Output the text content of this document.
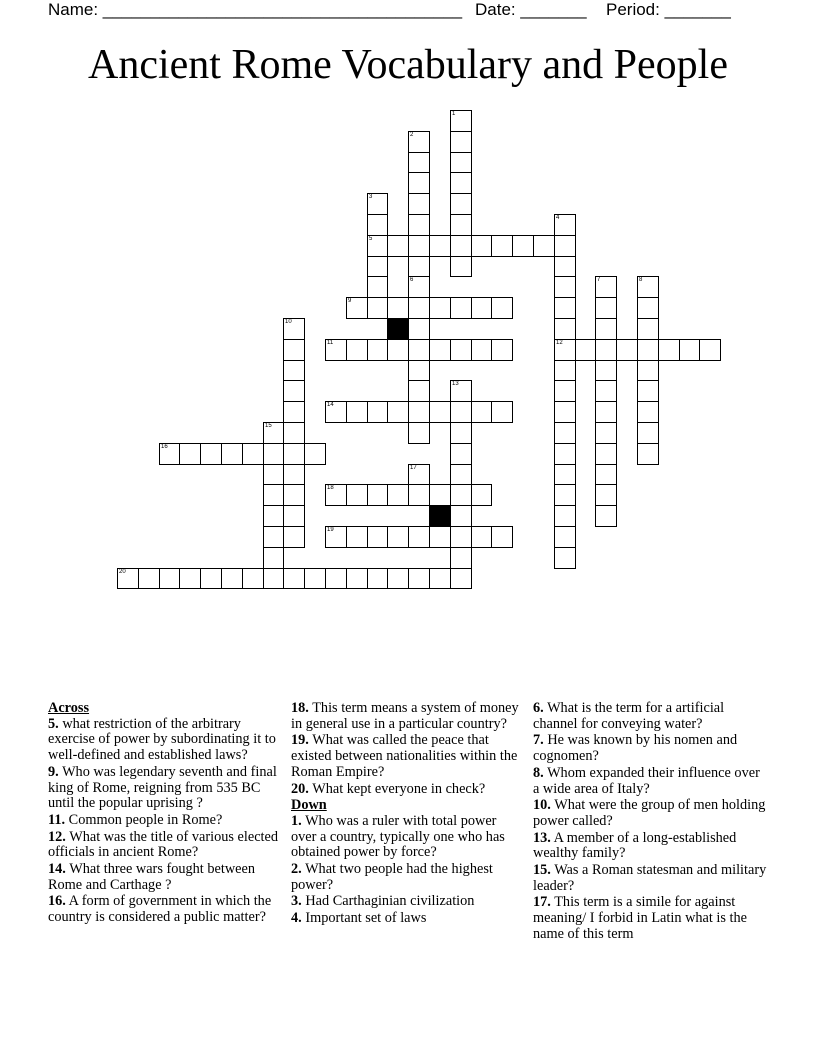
Name: ______________________________________ Date: _______ Period: _______
Ancient Rome Vocabulary and People
1
2
3
5
4
12
6	7	8
9
10
11
13
14
15
16
17
18
19
20
Across
5. what restriction of the arbitrary exercise of power by subordinating it to well-defined and established laws?
9. Who was legendary seventh and final king of Rome, reigning from 535 BC until the popular uprising ?
11. Common people in Rome?
12. What was the title of various elected officials in ancient Rome?
14. What three wars fought between Rome and Carthage ?
16. A form of government in which the country is considered a public matter?
18. This term means a system of money in general use in a particular country?
19. What was called the peace that existed between nationalities within the Roman Empire?
20. What kept everyone in check?
Down
1. Who was a ruler with total power over a country, typically one who has obtained power by force?
2. What two people had the highest power?
3. Had Carthaginian civilization
4. Important set of laws
6. What is the term for a artificial channel for conveying water?
7. He was known by his nomen and cognomen?
8. Whom expanded their influence over a wide area of Italy?
10. What were the group of men holding power called?
13. A member of a long-established wealthy family?
15. Was a Roman statesman and military leader?
17. This term is a simile for against meaning/ I forbid in Latin what is the name of this term
